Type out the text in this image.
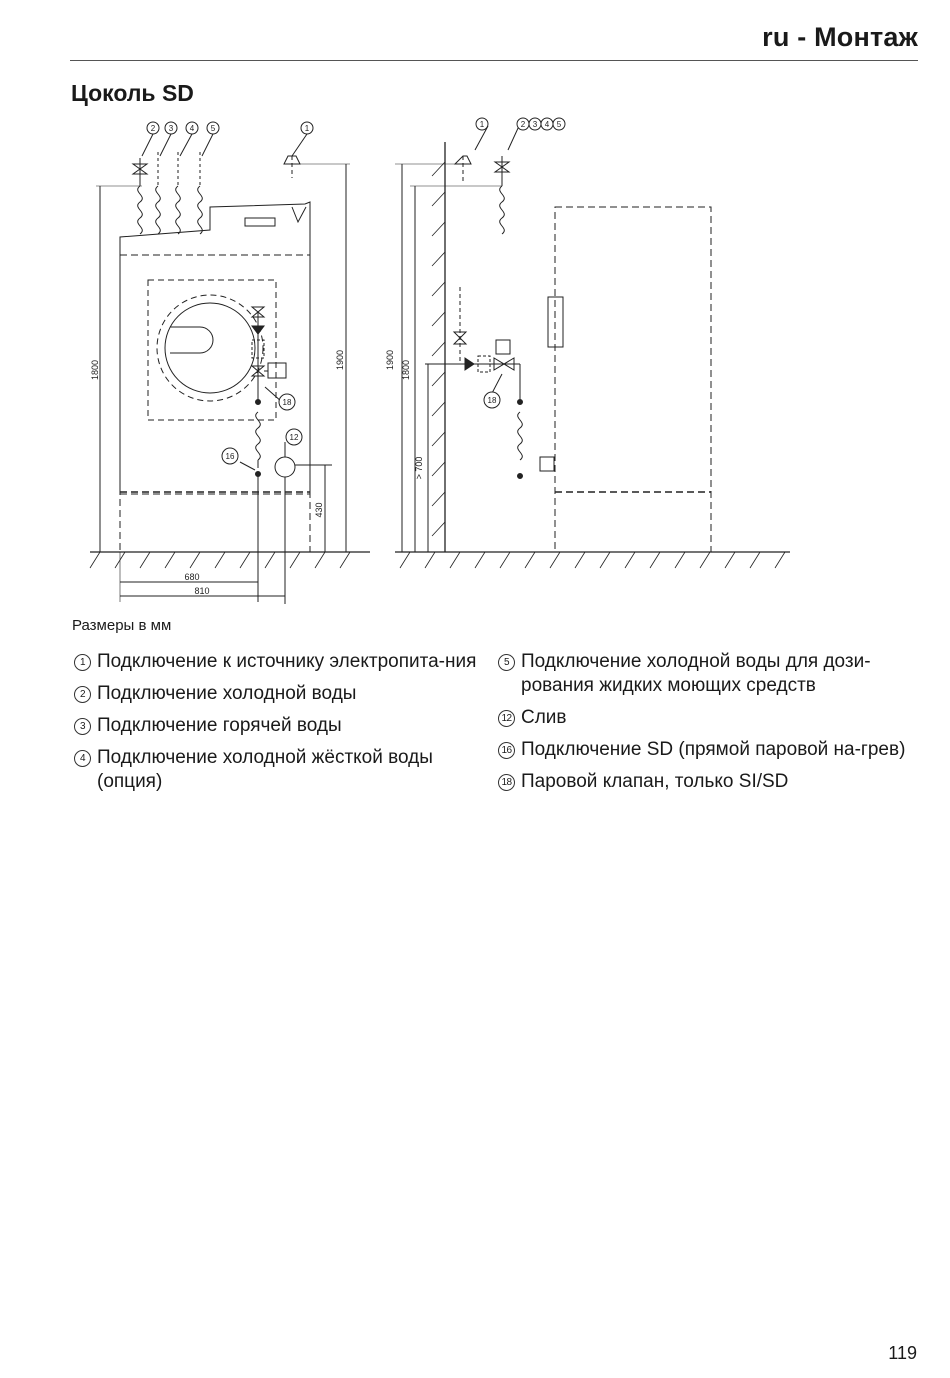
ru - Монтаж
Цоколь SD
2 3 4 5	1
18
12
16
1	2 3 4 5
18
1800	1900
430
680
810
1900 1800
> 700
Размеры в мм
1 Подключение к источнику электропита-ния
2 Подключение холодной воды
3 Подключение горячей воды
4 Подключение холодной жёсткой воды (опция)
5 Подключение холодной воды для дози-рования жидких моющих средств
12 Слив
16 Подключение SD (прямой паровой на-грев)
18 Паровой клапан, только SI/SD
119
